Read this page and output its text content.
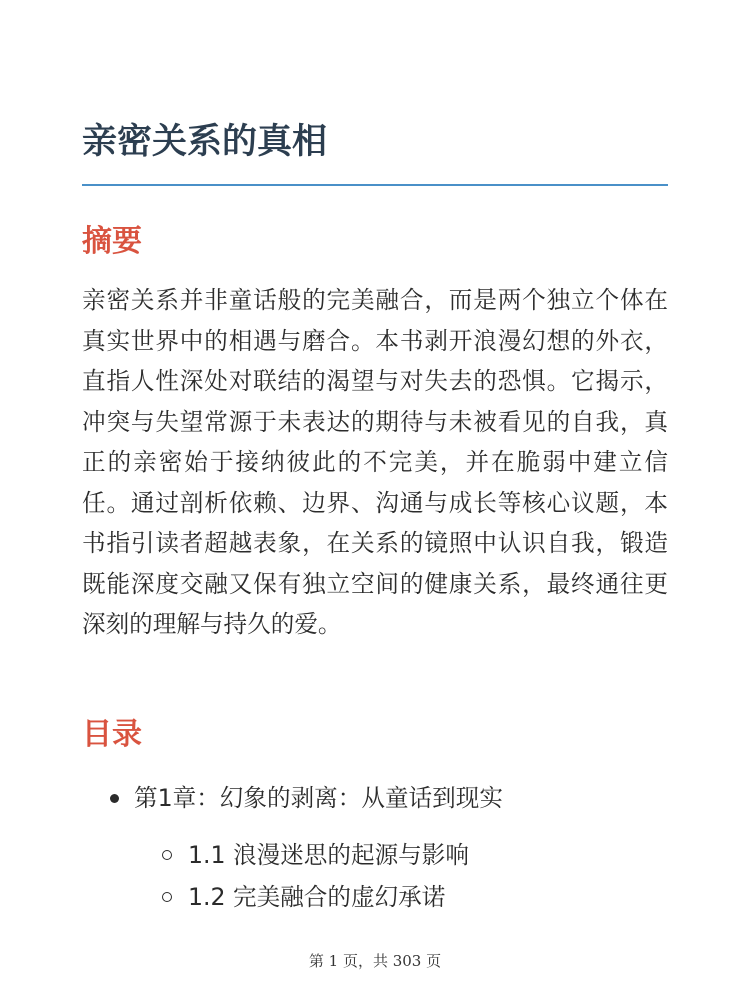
亲密关系的真相
摘要

亲密关系并非童话般的完美融合，而是两个独立个体在真实世界中的相遇与磨合。本书剥开浪漫幻想的外衣，直指人性深处对联结的渴望与对失去的恐惧。它揭示，冲突与失望常源于未表达的期待与未被看见的自我，真正的亲密始于接纳彼此的不完美，并在脆弱中建立信任。通过剖析依赖、边界、沟通与成长等核心议题，本书指引读者超越表象，在关系的镜照中认识自我，锻造既能深度交融又保有独立空间的健康关系，最终通往更深刻的理解与持久的爱。

目录
第1章：幻象的剥离：从童话到现实
1.1 浪漫迷思的起源与影响
1.2 完美融合的虚幻承诺
第 1 页，共 303 页
